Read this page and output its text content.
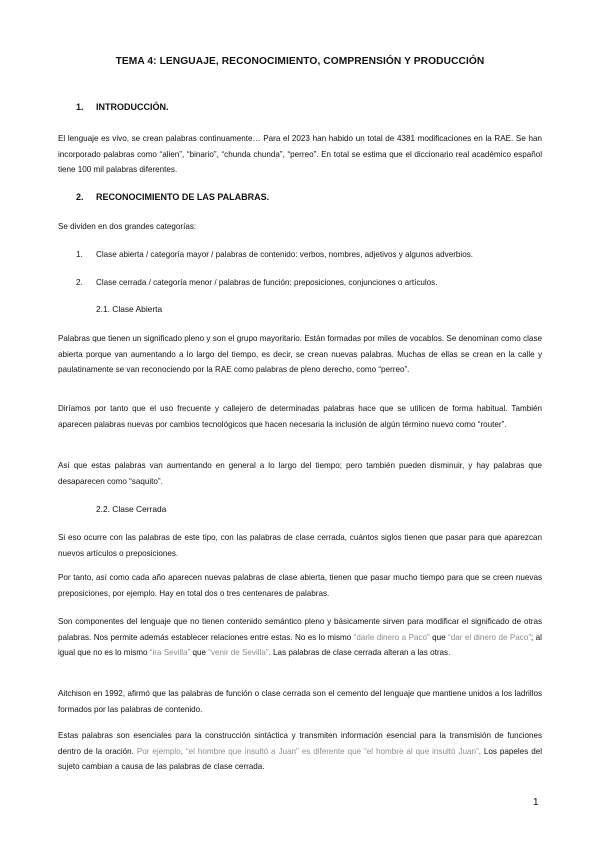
TEMA 4: LENGUAJE, RECONOCIMIENTO, COMPRENSIÓN Y PRODUCCIÓN
1. INTRODUCCIÓN.
El lenguaje es vivo, se crean palabras continuamente… Para el 2023 han habido un total de 4381 modificaciones en la RAE. Se han incorporado palabras como “alien”, “binario”, “chunda chunda”, “perreo”. En total se estima que el diccionario real académico español tiene 100 mil palabras diferentes.
2. RECONOCIMIENTO DE LAS PALABRAS.
Se dividen en dos grandes categorías:
1. Clase abierta / categoría mayor / palabras de contenido: verbos, nombres, adjetivos y algunos adverbios.
2. Clase cerrada / categoría menor / palabras de función: preposiciones, conjunciones o artículos.
2.1. Clase Abierta
Palabras que tienen un significado pleno y son el grupo mayoritario. Están formadas por miles de vocablos. Se denominan como clase abierta porque van aumentando a lo largo del tiempo, es decir, se crean nuevas palabras. Muchas de ellas se crean en la calle y paulatinamente se van reconociendo por la RAE como palabras de pleno derecho, como “perreo”.
Diríamos por tanto que el uso frecuente y callejero de determinadas palabras hace que se utilicen de forma habitual. También aparecen palabras nuevas por cambios tecnológicos que hacen necesaria la inclusión de algún término nuevo como “router”.
Así que estas palabras van aumentando en general a lo largo del tiempo; pero también pueden disminuir, y hay palabras que desaparecen como “saquito”.
2.2. Clase Cerrada
Si eso ocurre con las palabras de este tipo, con las palabras de clase cerrada, cuántos siglos tienen que pasar para que aparezcan nuevos artículos o preposiciones.
Por tanto, así como cada año aparecen nuevas palabras de clase abierta, tienen que pasar mucho tiempo para que se creen nuevas preposiciones, por ejemplo. Hay en total dos o tres centenares de palabras.
Son componentes del lenguaje que no tienen contenido semántico pleno y básicamente sirven para modificar el significado de otras palabras. Nos permite además establecer relaciones entre estas. No es lo mismo “darle dinero a Paco” que “dar el dinero de Paco”; al igual que no es lo mismo “ira Sevilla” que “venir de Sevilla”. Las palabras de clase cerrada alteran a las otras.
Aitchison en 1992, afirmó que las palabras de función o clase cerrada son el cemento del lenguaje que mantiene unidos a los ladrillos formados por las palabras de contenido.
Estas palabras son esenciales para la construcción sintáctica y transmiten información esencial para la transmisión de funciones dentro de la oración. Por ejemplo, “el hombre que insultó a Juan” es diferente que “el hombre al que insultó Juan”. Los papeles del sujeto cambian a causa de las palabras de clase cerrada.
1
